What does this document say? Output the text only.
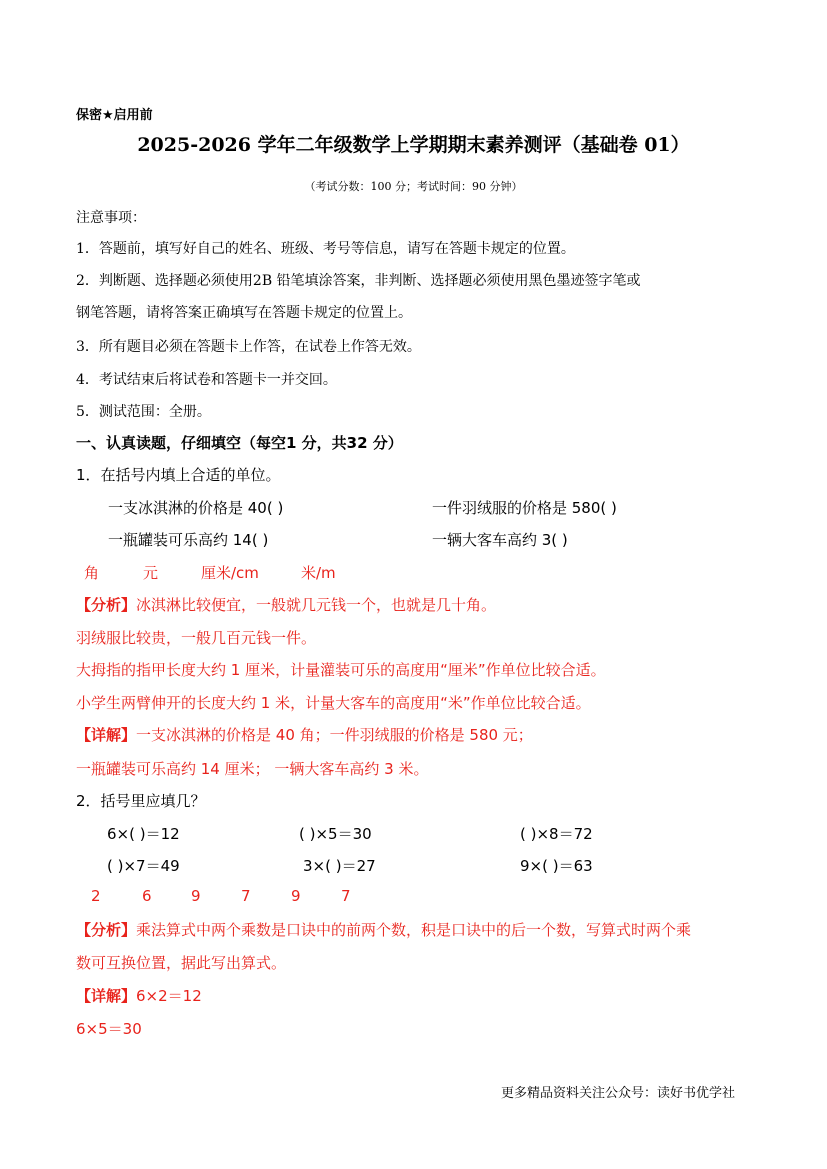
保密★启用前
2025-2026 学年二年级数学上学期期末素养测评（基础卷 01）
（考试分数：100 分；考试时间：90 分钟）
注意事项：
1．答题前，填写好自己的姓名、班级、考号等信息，请写在答题卡规定的位置。
2．判断题、选择题必须使用2B 铅笔填涂答案，非判断、选择题必须使用黑色墨迹签字笔或
钢笔答题，请将答案正确填写在答题卡规定的位置上。
3．所有题目必须在答题卡上作答，在试卷上作答无效。
4．考试结束后将试卷和答题卡一并交回。
5．测试范围：全册。
一、认真读题，仔细填空（每空1 分，共32 分）
1．在括号内填上合适的单位。
一支冰淇淋的价格是 40( )	一件羽绒服的价格是 580( )
一瓶罐装可乐高约 14( )	一辆大客车高约 3( )
角	元	厘米/cm	米/m
【分析】冰淇淋比较便宜，一般就几元钱一个，也就是几十角。
羽绒服比较贵，一般几百元钱一件。
大拇指的指甲长度大约 1 厘米，计量灌装可乐的高度用“厘米”作单位比较合适。
小学生两臂伸开的长度大约 1 米，计量大客车的高度用“米”作单位比较合适。
【详解】一支冰淇淋的价格是 40 角；一件羽绒服的价格是 580 元；
一瓶罐装可乐高约 14 厘米； 一辆大客车高约 3 米。
2．括号里应填几？
6×( )＝12	( )×5＝30	( )×8＝72
( )×7＝49	3×( )＝27	9×( )＝63
2	6	9	7	9	7
【分析】乘法算式中两个乘数是口诀中的前两个数，积是口诀中的后一个数，写算式时两个乘
数可互换位置，据此写出算式。
【详解】6×2＝12
6×5＝30
更多精品资料关注公众号：读好书优学社
